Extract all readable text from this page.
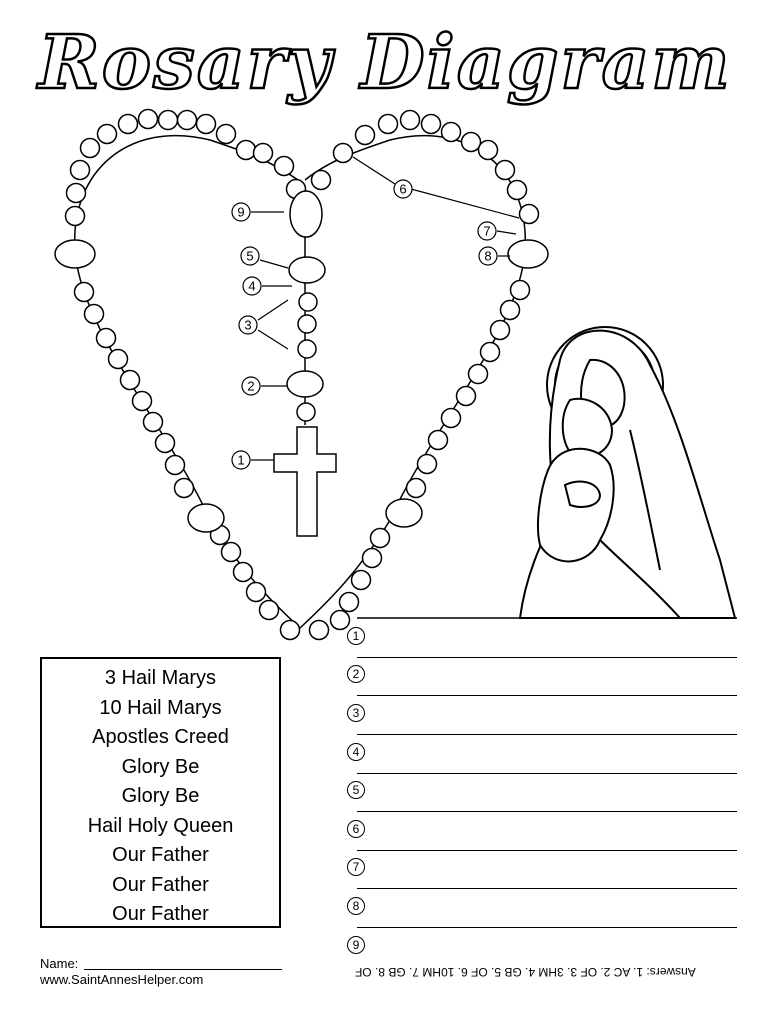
Rosary Diagram
1
2
3
4
5
6
7
8
9
3 Hail Marys
10 Hail Marys
Apostles Creed
Glory Be
Glory Be
Hail Holy Queen
Our Father
Our Father
Our Father
1
2
3
4
5
6
7
8
9
Name:
www.SaintAnnesHelper.com	Answers: 1. AC 2. OF 3. 3HM 4. GB 5. OF 6. 10HM 7. GB 8. OF
